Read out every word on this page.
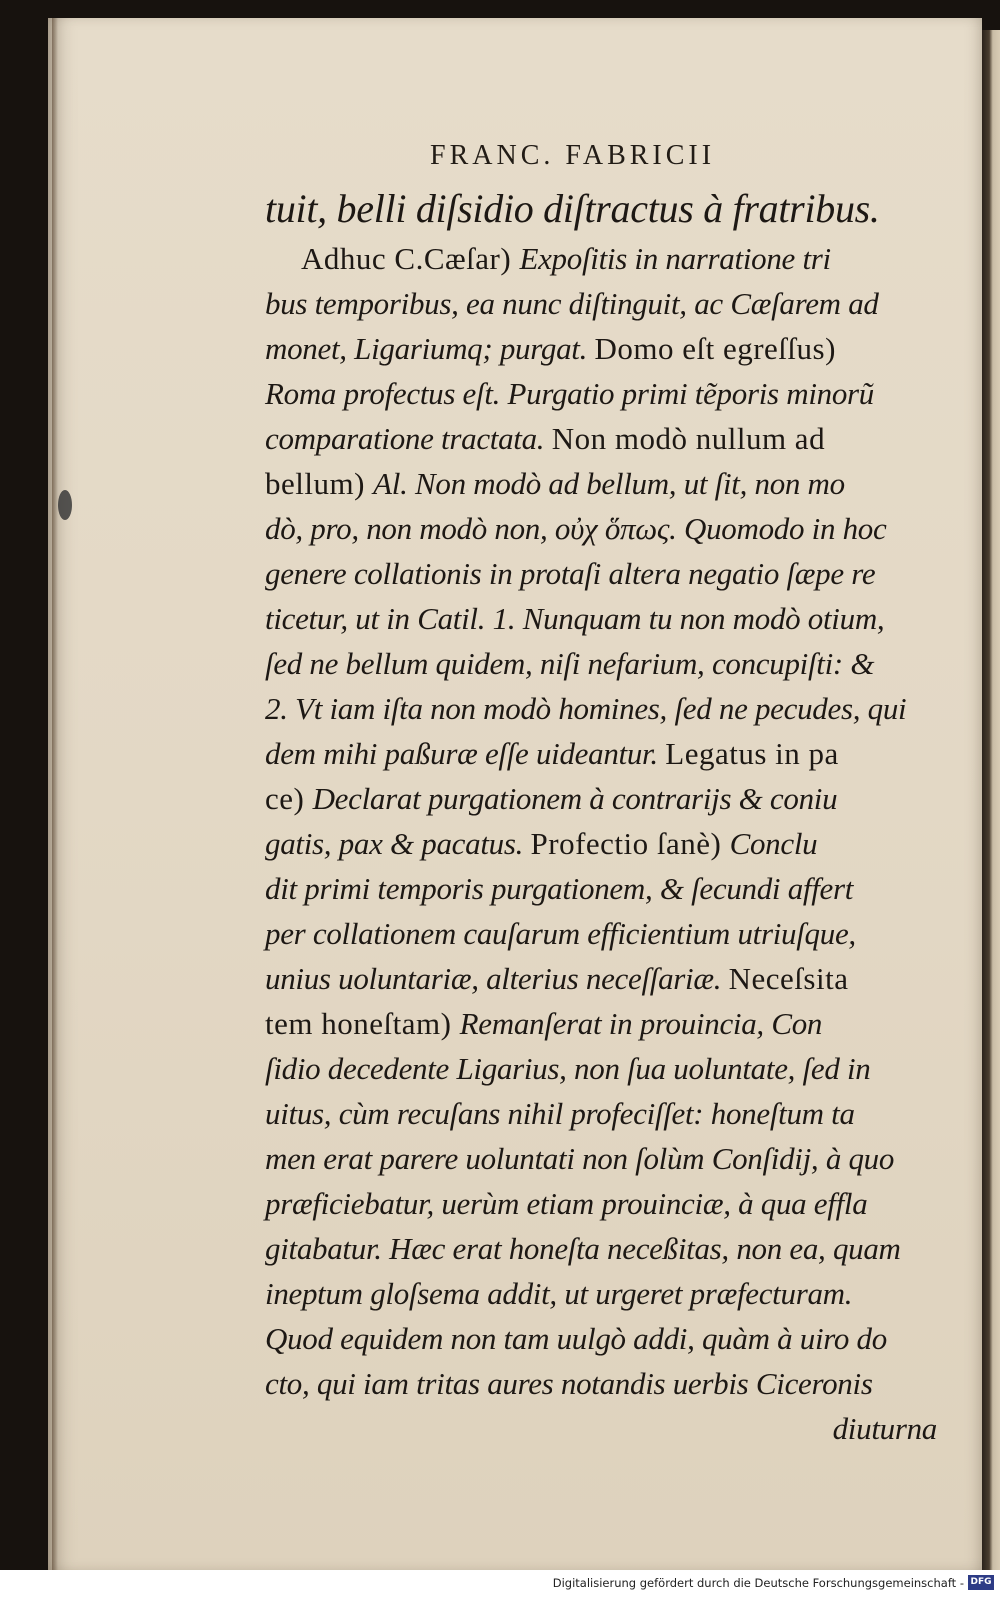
FRANC. FABRICII
tuit, belli diſsidio diſtractus à fratribus.
Adhuc C.Cæſar) Expoſitis in narratione tri
bus temporibus, ea nunc diſtinguit, ac Cæſarem ad
monet, Ligariumq; purgat. Domo eſt egreſſus)
Roma profectus eſt. Purgatio primi tẽporis minorũ
comparatione tractata. Non modò nullum ad
bellum) Al. Non modò ad bellum, ut ſit, non mo
dò, pro, non modò non, οὐχ ὅπως. Quomodo in hoc
genere collationis in protaſi altera negatio ſæpe re
ticetur, ut in Catil. 1. Nunquam tu non modò otium,
ſed ne bellum quidem, niſi nefarium, concupiſti: &
2. Vt iam iſta non modò homines, ſed ne pecudes, qui
dem mihi paßuræ eſſe uideantur. Legatus in pa
ce) Declarat purgationem à contrarijs & coniu
gatis, pax & pacatus. Profectio ſanè) Conclu
dit primi temporis purgationem, & ſecundi affert
per collationem cauſarum efficientium utriuſque,
unius uoluntariæ, alterius neceſſariæ. Neceſsita
tem honeſtam) Remanſerat in prouincia, Con
ſidio decedente Ligarius, non ſua uoluntate, ſed in
uitus, cùm recuſans nihil profeciſſet: honeſtum ta
men erat parere uoluntati non ſolùm Conſidij, à quo
præficiebatur, uerùm etiam prouinciæ, à qua efflа
gitabatur. Hæc erat honeſta neceßitas, non ea, quam
ineptum gloſsema addit, ut urgeret præfecturam.
Quod equidem non tam uulgò addi, quàm à uiro do
cto, qui iam tritas aures notandis uerbis Ciceronis
diuturna
Digitalisierung gefördert durch die Deutsche Forschungsgemeinschaft - DFG
